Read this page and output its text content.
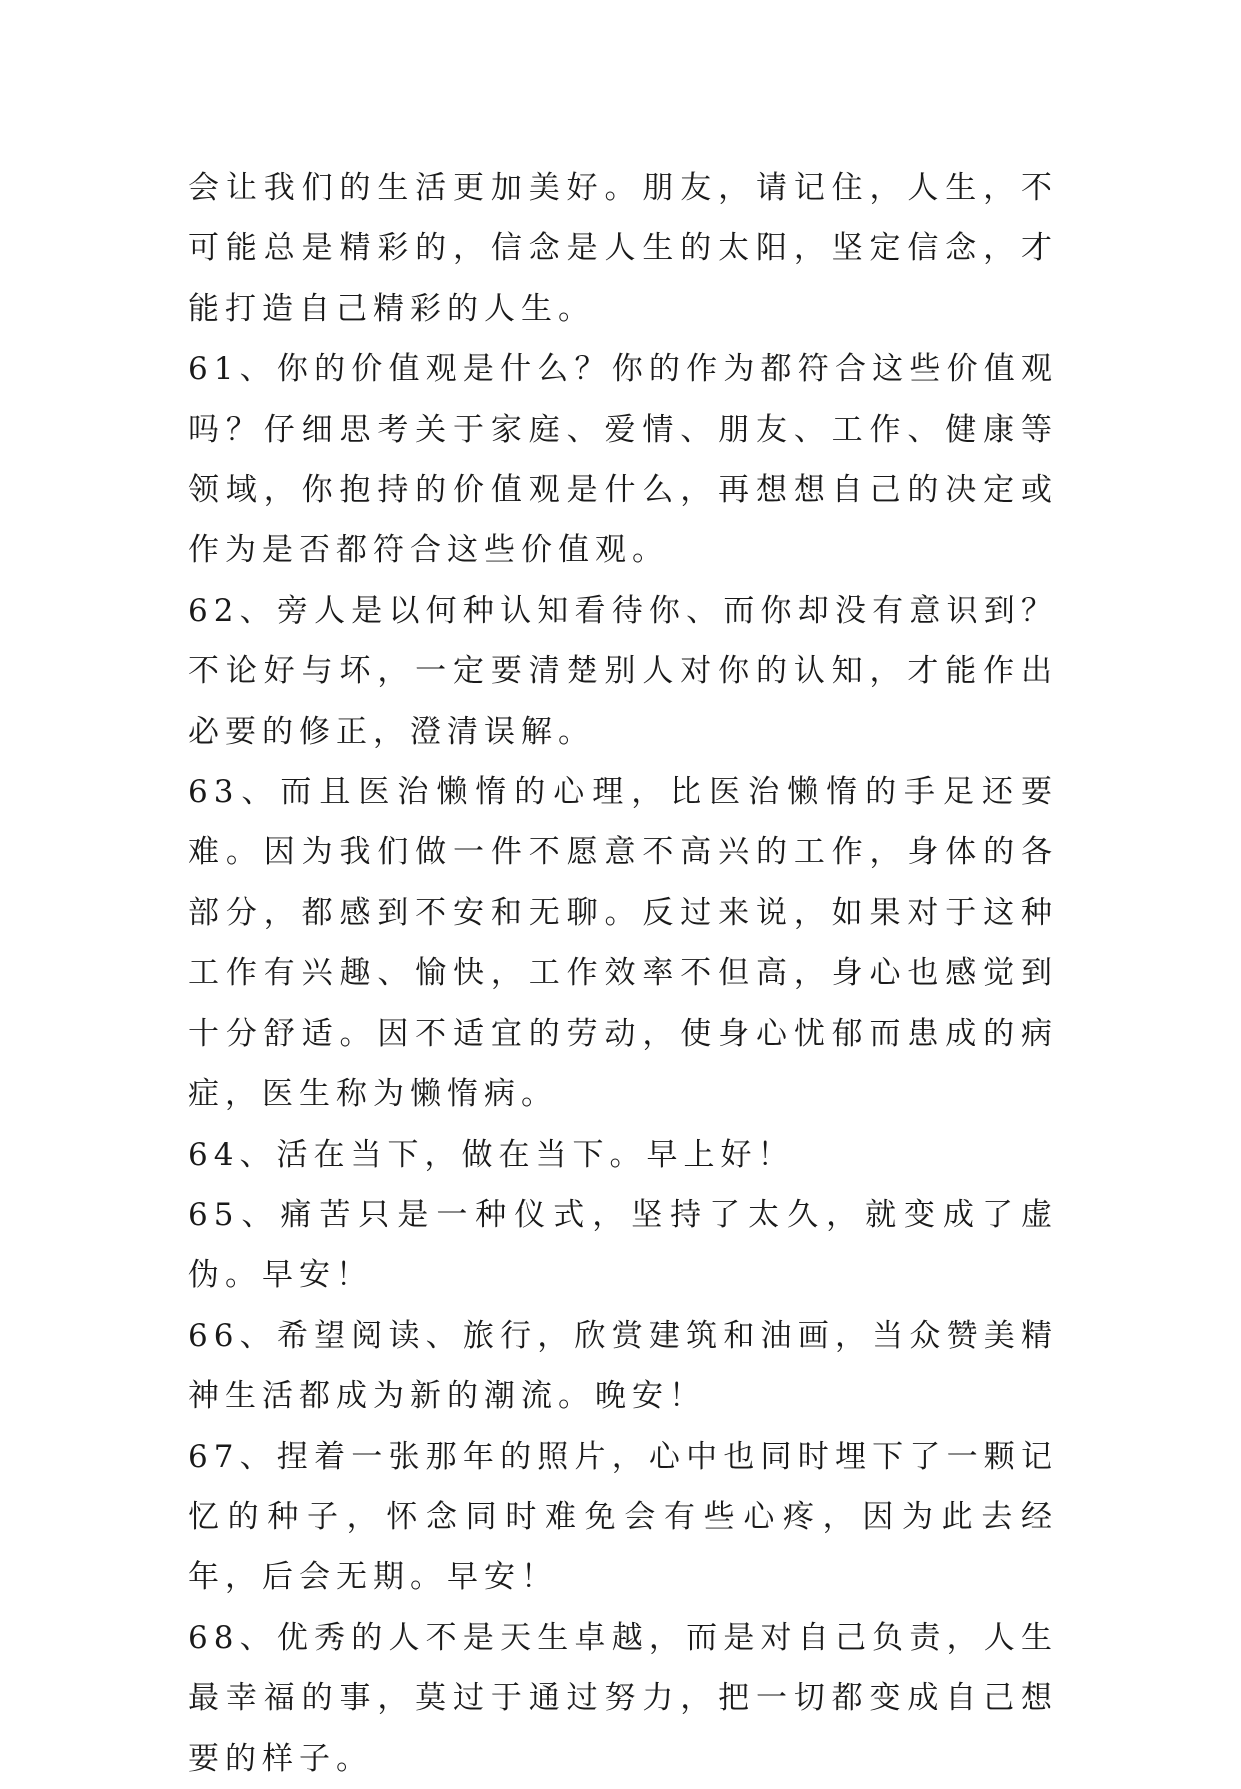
会让我们的生活更加美好。朋友，请记住，人生，不可能总是精彩的，信念是人生的太阳，坚定信念，才能打造自己精彩的人生。

61、你的价值观是什么？你的作为都符合这些价值观吗？仔细思考关于家庭、爱情、朋友、工作、健康等领域，你抱持的价值观是什么，再想想自己的决定或作为是否都符合这些价值观。

62、旁人是以何种认知看待你、而你却没有意识到？不论好与坏，一定要清楚别人对你的认知，才能作出必要的修正，澄清误解。

63、而且医治懒惰的心理，比医治懒惰的手足还要难。因为我们做一件不愿意不高兴的工作，身体的各部分，都感到不安和无聊。反过来说，如果对于这种工作有兴趣、愉快，工作效率不但高，身心也感觉到十分舒适。因不适宜的劳动，使身心忧郁而患成的病症，医生称为懒惰病。

64、活在当下，做在当下。早上好！

65、痛苦只是一种仪式，坚持了太久，就变成了虚伪。早安！

66、希望阅读、旅行，欣赏建筑和油画，当众赞美精神生活都成为新的潮流。晚安！

67、捏着一张那年的照片，心中也同时埋下了一颗记忆的种子，怀念同时难免会有些心疼，因为此去经年，后会无期。早安！

68、优秀的人不是天生卓越，而是对自己负责，人生最幸福的事，莫过于通过努力，把一切都变成自己想要的样子。
